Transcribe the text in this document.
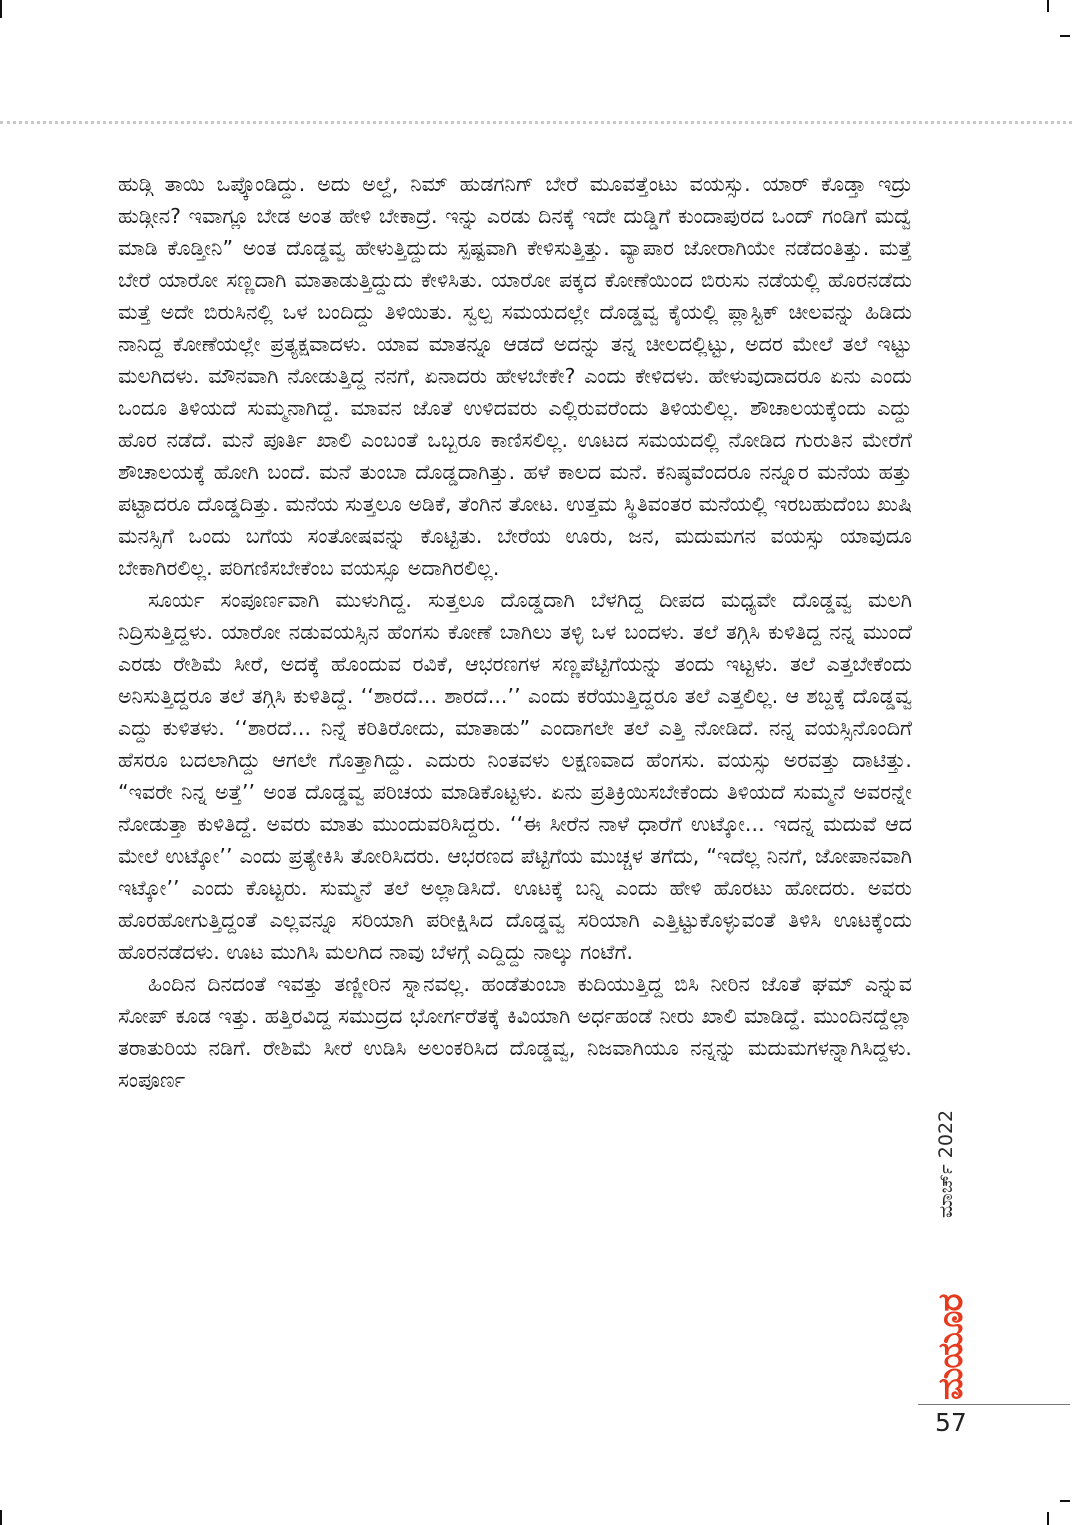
ಹುಡ್ಗಿ ತಾಯಿ ಒಪ್ಕೊಂಡಿದ್ದು. ಅದು ಅಲ್ದೆ, ನಿಮ್ ಹುಡಗನಿಗ್ ಬೇರೆ ಮೂವತ್ತೆಂಟು ವಯಸ್ಸು. ಯಾರ್ ಕೊಡ್ತಾ ಇದ್ರು ಹುಡ್ಗೀನ? ಇವಾಗ್ಲೂ ಬೇಡ ಅಂತ ಹೇಳಿ ಬೇಕಾದ್ರೆ. ಇನ್ನು ಎರಡು ದಿನಕ್ಕೆ ಇದೇ ದುಡ್ಡಿಗೆ ಕುಂದಾಪುರದ ಒಂದ್ ಗಂಡಿಗೆ ಮದ್ವೆ ಮಾಡಿ ಕೊಡ್ತೀನಿ” ಅಂತ ದೊಡ್ಡವ್ವ ಹೇಳುತ್ತಿದ್ದುದು ಸ್ಪಷ್ಟವಾಗಿ ಕೇಳಿಸುತ್ತಿತ್ತು. ವ್ಯಾಪಾರ ಜೋರಾಗಿಯೇ ನಡೆದಂತಿತ್ತು. ಮತ್ತೆ ಬೇರೆ ಯಾರೋ ಸಣ್ಣದಾಗಿ ಮಾತಾಡುತ್ತಿದ್ದುದು ಕೇಳಿಸಿತು. ಯಾರೋ ಪಕ್ಕದ ಕೋಣೆಯಿಂದ ಬಿರುಸು ನಡೆಯಲ್ಲಿ ಹೊರನಡೆದು ಮತ್ತೆ ಅದೇ ಬಿರುಸಿನಲ್ಲಿ ಒಳ ಬಂದಿದ್ದು ತಿಳಿಯಿತು. ಸ್ವಲ್ಪ ಸಮಯದಲ್ಲೇ ದೊಡ್ಡವ್ವ ಕೈಯಲ್ಲಿ ಪ್ಲಾಸ್ಟಿಕ್ ಚೀಲವನ್ನು ಹಿಡಿದು ನಾನಿದ್ದ ಕೋಣೆಯಲ್ಲೇ ಪ್ರತ್ಯಕ್ಷವಾದಳು. ಯಾವ ಮಾತನ್ನೂ ಆಡದೆ ಅದನ್ನು ತನ್ನ ಚೀಲದಲ್ಲಿಟ್ಟು, ಅದರ ಮೇಲೆ ತಲೆ ಇಟ್ಟು ಮಲಗಿದಳು. ಮೌನವಾಗಿ ನೋಡುತ್ತಿದ್ದ ನನಗೆ, ಏನಾದರು ಹೇಳಬೇಕೇ? ಎಂದು ಕೇಳಿದಳು. ಹೇಳುವುದಾದರೂ ಏನು ಎಂದು ಒಂದೂ ತಿಳಿಯದೆ ಸುಮ್ಮನಾಗಿದ್ದೆ. ಮಾವನ ಜೊತೆ ಉಳಿದವರು ಎಲ್ಲಿರುವರೆಂದು ತಿಳಿಯಲಿಲ್ಲ. ಶೌಚಾಲಯಕ್ಕೆಂದು ಎದ್ದು ಹೊರ ನಡೆದೆ. ಮನೆ ಪೂರ್ತಿ ಖಾಲಿ ಎಂಬಂತೆ ಒಬ್ಬರೂ ಕಾಣಿಸಲಿಲ್ಲ. ಊಟದ ಸಮಯದಲ್ಲಿ ನೋಡಿದ ಗುರುತಿನ ಮೇರೆಗೆ ಶೌಚಾಲಯಕ್ಕೆ ಹೋಗಿ ಬಂದೆ. ಮನೆ ತುಂಬಾ ದೊಡ್ಡದಾಗಿತ್ತು. ಹಳೆ ಕಾಲದ ಮನೆ. ಕನಿಷ್ಠವೆಂದರೂ ನನ್ನೂರ ಮನೆಯ ಹತ್ತು ಪಟ್ಟಾದರೂ ದೊಡ್ಡದಿತ್ತು. ಮನೆಯ ಸುತ್ತಲೂ ಅಡಿಕೆ, ತೆಂಗಿನ ತೋಟ. ಉತ್ತಮ ಸ್ಥಿತಿವಂತರ ಮನೆಯಲ್ಲಿ ಇರಬಹುದೆಂಬ ಖುಷಿ ಮನಸ್ಸಿಗೆ ಒಂದು ಬಗೆಯ ಸಂತೋಷವನ್ನು ಕೊಟ್ಟಿತು. ಬೇರೆಯ ಊರು, ಜನ, ಮದುಮಗನ ವಯಸ್ಸು ಯಾವುದೂ ಬೇಕಾಗಿರಲಿಲ್ಲ. ಪರಿಗಣಿಸಬೇಕೆಂಬ ವಯಸ್ಸೂ ಅದಾಗಿರಲಿಲ್ಲ.

ಸೂರ್ಯ ಸಂಪೂರ್ಣವಾಗಿ ಮುಳುಗಿದ್ದ. ಸುತ್ತಲೂ ದೊಡ್ಡದಾಗಿ ಬೆಳಗಿದ್ದ ದೀಪದ ಮಧ್ಯವೇ ದೊಡ್ಡವ್ವ ಮಲಗಿ ನಿದ್ರಿಸುತ್ತಿದ್ದಳು. ಯಾರೋ ನಡುವಯಸ್ಸಿನ ಹೆಂಗಸು ಕೋಣೆ ಬಾಗಿಲು ತಳ್ಳಿ ಒಳ ಬಂದಳು. ತಲೆ ತಗ್ಗಿಸಿ ಕುಳಿತಿದ್ದ ನನ್ನ ಮುಂದೆ ಎರಡು ರೇಶಿಮೆ ಸೀರೆ, ಅದಕ್ಕೆ ಹೊಂದುವ ರವಿಕೆ, ಆಭರಣಗಳ ಸಣ್ಣಪೆಟ್ಟಿಗೆಯನ್ನು ತಂದು ಇಟ್ಟಳು. ತಲೆ ಎತ್ತಬೇಕೆಂದು ಅನಿಸುತ್ತಿದ್ದರೂ ತಲೆ ತಗ್ಗಿಸಿ ಕುಳಿತಿದ್ದೆ. ‘‘ಶಾರದೆ... ಶಾರದೆ...’’ ಎಂದು ಕರೆಯುತ್ತಿದ್ದರೂ ತಲೆ ಎತ್ತಲಿಲ್ಲ. ಆ ಶಬ್ದಕ್ಕೆ ದೊಡ್ಡವ್ವ ಎದ್ದು ಕುಳಿತಳು. ‘‘ಶಾರದೆ... ನಿನ್ನೆ ಕರಿತಿರೋದು, ಮಾತಾಡು” ಎಂದಾಗಲೇ ತಲೆ ಎತ್ತಿ ನೋಡಿದೆ. ನನ್ನ ವಯಸ್ಸಿನೊಂದಿಗೆ ಹೆಸರೂ ಬದಲಾಗಿದ್ದು ಆಗಲೇ ಗೊತ್ತಾಗಿದ್ದು. ಎದುರು ನಿಂತವಳು ಲಕ್ಷಣವಾದ ಹೆಂಗಸು. ವಯಸ್ಸು ಅರವತ್ತು ದಾಟಿತ್ತು. “ಇವರೇ ನಿನ್ನ ಅತ್ತೆ’’ ಅಂತ ದೊಡ್ಡವ್ವ ಪರಿಚಯ ಮಾಡಿಕೊಟ್ಟಳು. ಏನು ಪ್ರತಿಕ್ರಿಯಿಸಬೇಕೆಂದು ತಿಳಿಯದೆ ಸುಮ್ಮನೆ ಅವರನ್ನೇ ನೋಡುತ್ತಾ ಕುಳಿತಿದ್ದೆ. ಅವರು ಮಾತು ಮುಂದುವರಿಸಿದ್ದರು. ‘‘ಈ ಸೀರೆನ ನಾಳೆ ಧಾರೆಗೆ ಉಟ್ಕೋ... ಇದನ್ನ ಮದುವೆ ಆದ ಮೇಲೆ ಉಟ್ಕೋ’’ ಎಂದು ಪ್ರತ್ಯೇಕಿಸಿ ತೋರಿಸಿದರು. ಆಭರಣದ ಪೆಟ್ಟಿಗೆಯ ಮುಚ್ಚಳ ತಗೆದು, “ಇದೆಲ್ಲ ನಿನಗೆ, ಜೋಪಾನವಾಗಿ ಇಟ್ಕೋ’’ ಎಂದು ಕೊಟ್ಟರು. ಸುಮ್ಮನೆ ತಲೆ ಅಲ್ಲಾಡಿಸಿದೆ. ಊಟಕ್ಕೆ ಬನ್ನಿ ಎಂದು ಹೇಳಿ ಹೊರಟು ಹೋದರು. ಅವರು ಹೊರಹೋಗುತ್ತಿದ್ದಂತೆ ಎಲ್ಲವನ್ನೂ ಸರಿಯಾಗಿ ಪರೀಕ್ಷಿಸಿದ ದೊಡ್ಡವ್ವ ಸರಿಯಾಗಿ ಎತ್ತಿಟ್ಟುಕೊಳ್ಳುವಂತೆ ತಿಳಿಸಿ ಊಟಕ್ಕೆಂದು ಹೊರನಡೆದಳು. ಊಟ ಮುಗಿಸಿ ಮಲಗಿದ ನಾವು ಬೆಳಗ್ಗೆ ಎದ್ದಿದ್ದು ನಾಲ್ಕು ಗಂಟೆಗೆ.

ಹಿಂದಿನ ದಿನದಂತೆ ಇವತ್ತು ತಣ್ಣೀರಿನ ಸ್ನಾನವಲ್ಲ. ಹಂಡೆತುಂಬಾ ಕುದಿಯುತ್ತಿದ್ದ ಬಿಸಿ ನೀರಿನ ಜೊತೆ ಘಮ್ ಎನ್ನುವ ಸೋಪ್ ಕೂಡ ಇತ್ತು. ಹತ್ತಿರವಿದ್ದ ಸಮುದ್ರದ ಭೋರ್ಗರೆತಕ್ಕೆ ಕಿವಿಯಾಗಿ ಅರ್ಧಹಂಡೆ ನೀರು ಖಾಲಿ ಮಾಡಿದ್ದೆ. ಮುಂದಿನದ್ದೆಲ್ಲಾ ತರಾತುರಿಯ ನಡಿಗೆ. ರೇಶಿಮೆ ಸೀರೆ ಉಡಿಸಿ ಅಲಂಕರಿಸಿದ ದೊಡ್ಡವ್ವ, ನಿಜವಾಗಿಯೂ ನನ್ನನ್ನು ಮದುಮಗಳನ್ನಾಗಿಸಿದ್ದಳು. ಸಂಪೂರ್ಣ

ಮಾರ್ಚ್ 2022
ಮಯೂರ
57
